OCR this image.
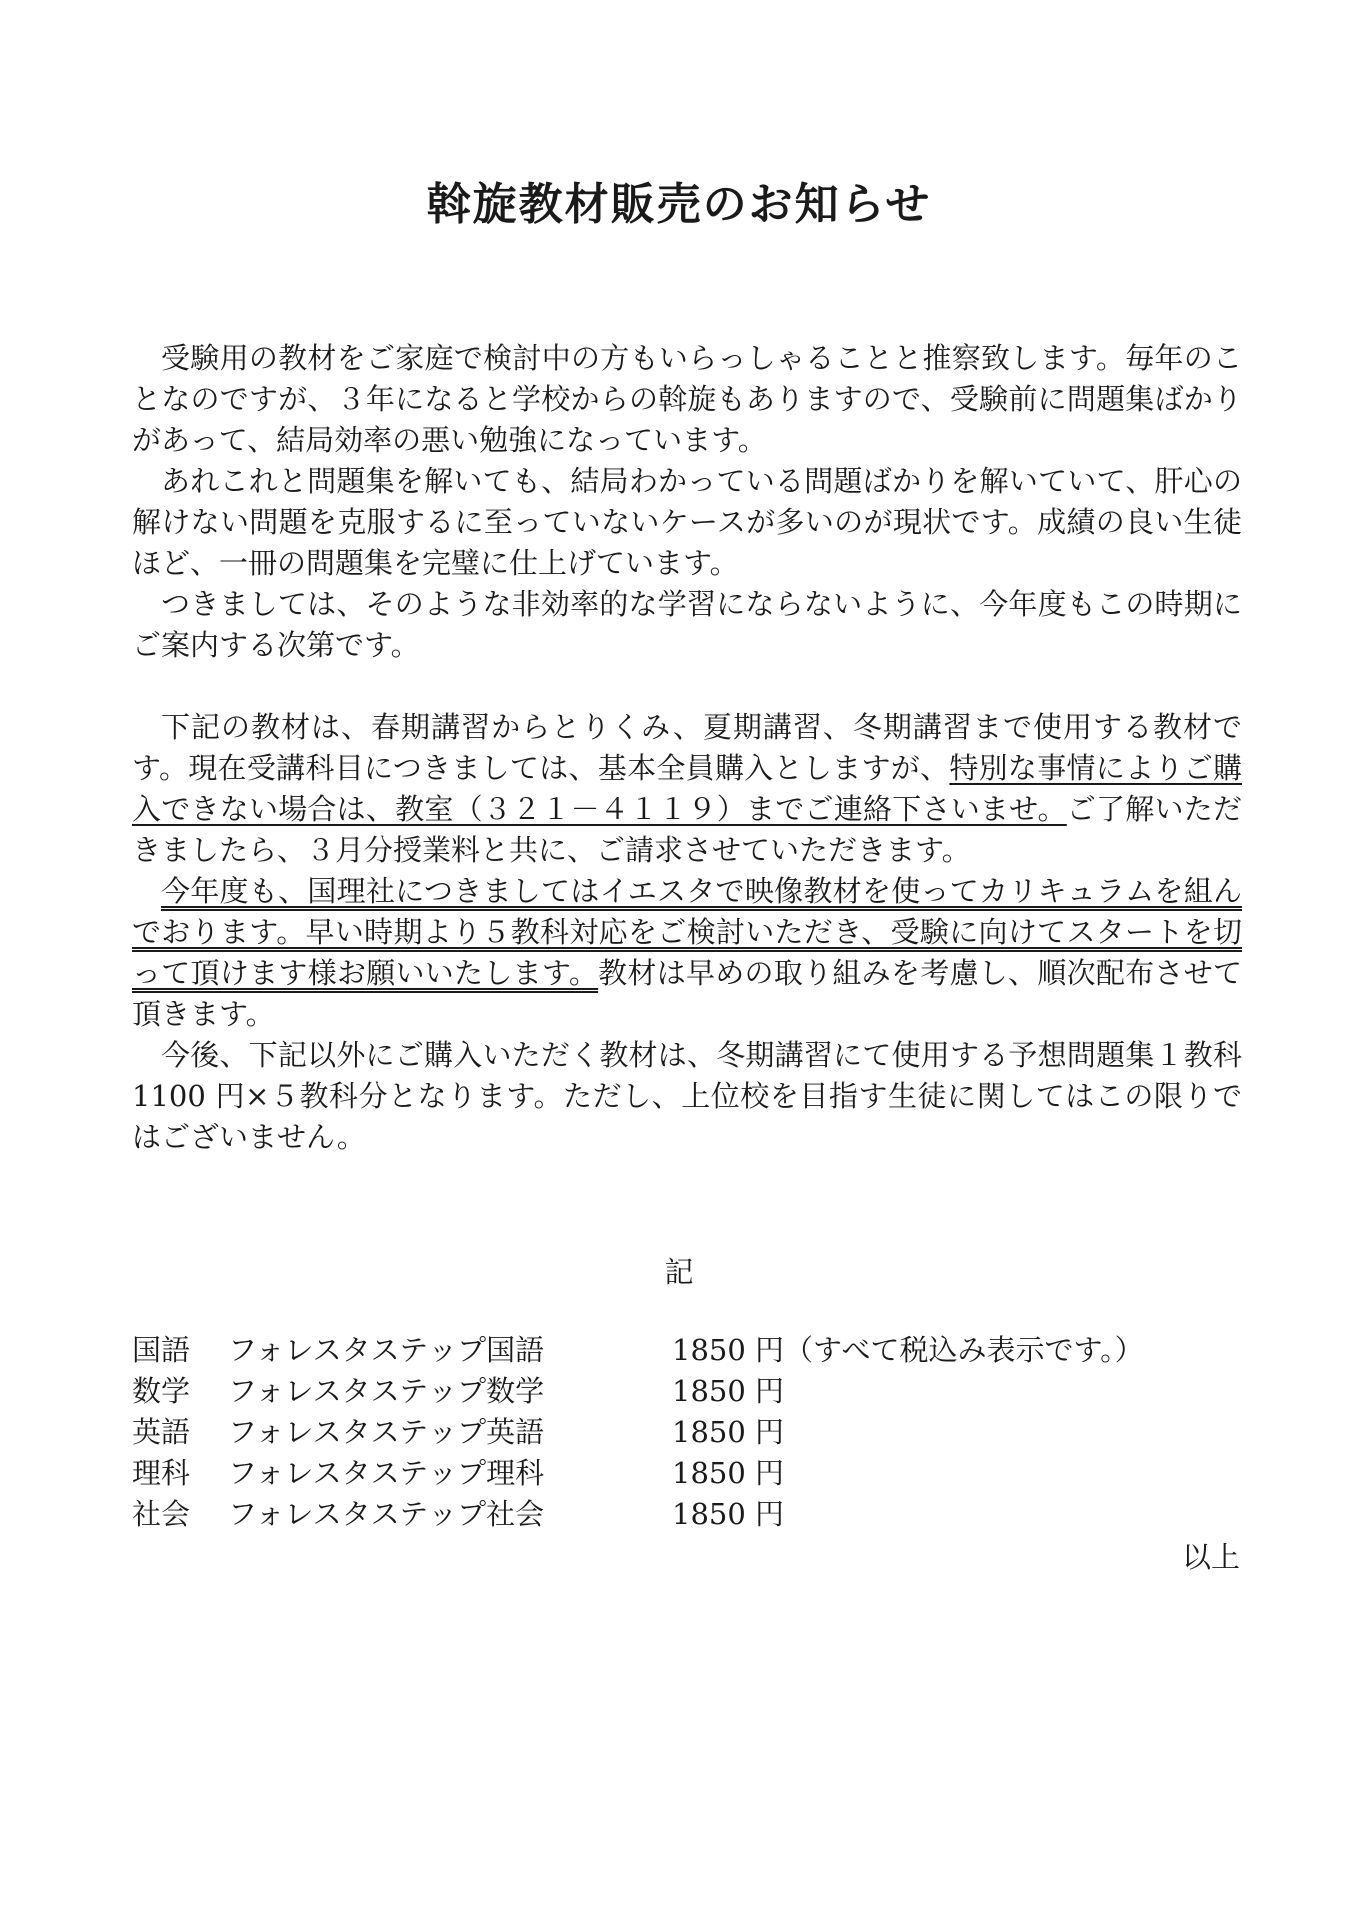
斡旋教材販売のお知らせ

受験用の教材をご家庭で検討中の方もいらっしゃることと推察致します。毎年のことなのですが、３年になると学校からの斡旋もありますので、受験前に問題集ばかりがあって、結局効率の悪い勉強になっています。

あれこれと問題集を解いても、結局わかっている問題ばかりを解いていて、肝心の解けない問題を克服するに至っていないケースが多いのが現状です。成績の良い生徒ほど、一冊の問題集を完璧に仕上げています。

つきましては、そのような非効率的な学習にならないように、今年度もこの時期にご案内する次第です。

下記の教材は、春期講習からとりくみ、夏期講習、冬期講習まで使用する教材です。現在受講科目につきましては、基本全員購入としますが、特別な事情によりご購入できない場合は、教室（３２１－４１１９）までご連絡下さいませ。ご了解いただきましたら、３月分授業料と共に、ご請求させていただきます。

今年度も、国理社につきましてはイエスタで映像教材を使ってカリキュラムを組んでおります。早い時期より５教科対応をご検討いただき、受験に向けてスタートを切って頂けます様お願いいたします。教材は早めの取り組みを考慮し、順次配布させて頂きます。

今後、下記以外にご購入いただく教材は、冬期講習にて使用する予想問題集１教科 1100 円×５教科分となります。ただし、上位校を目指す生徒に関してはこの限りではございません。

記

国語	フォレスタステップ国語	1850 円 （すべて税込み表示です。）
数学	フォレスタステップ数学	1850 円
英語	フォレスタステップ英語	1850 円
理科	フォレスタステップ理科	1850 円
社会	フォレスタステップ社会	1850 円

以上
